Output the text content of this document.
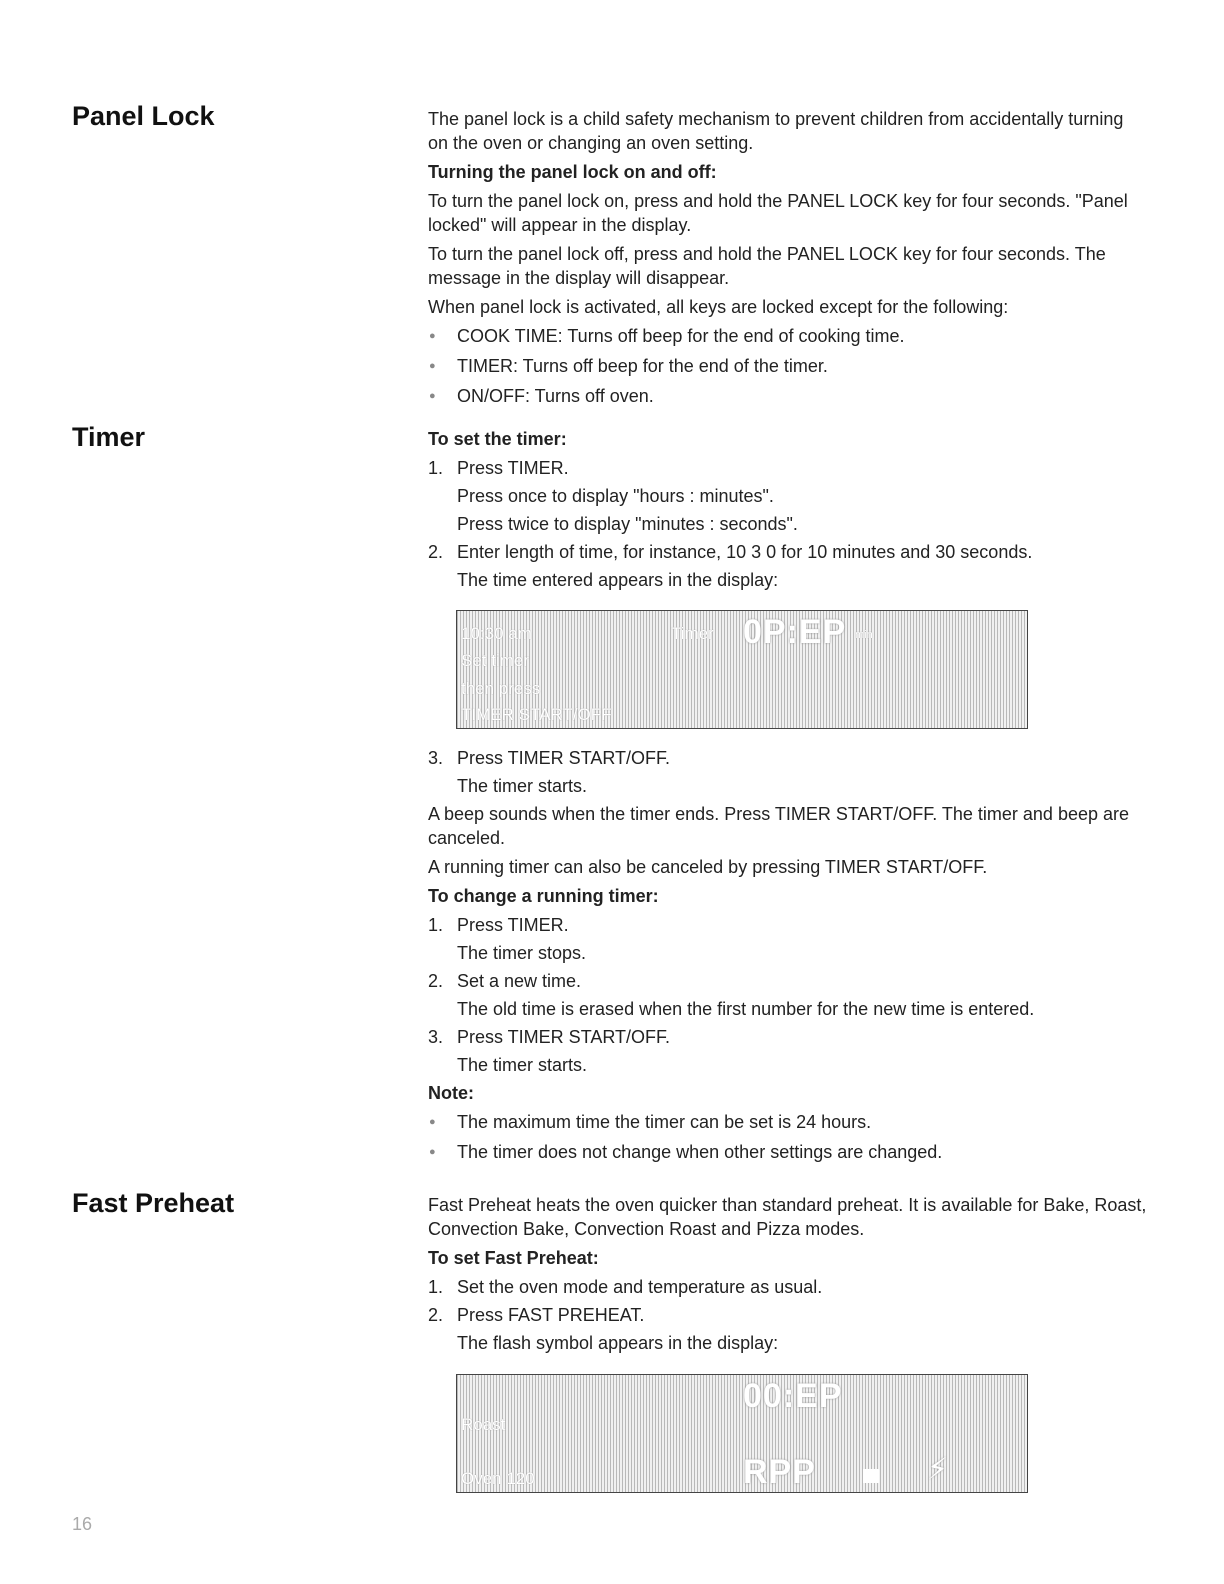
Panel Lock
Timer
Fast Preheat

The panel lock is a child safety mechanism to prevent children from accidentally turning on the oven or changing an oven setting.

Turning the panel lock on and off:

To turn the panel lock on, press and hold the PANEL LOCK key for four seconds. "Panel locked" will appear in the display.

To turn the panel lock off, press and hold the PANEL LOCK key for four seconds. The message in the display will disappear.

When panel lock is activated, all keys are locked except for the following:

● COOK TIME: Turns off beep for the end of cooking time.

● TIMER: Turns off beep for the end of the timer.

● ON/OFF: Turns off oven.

To set the timer:

1. Press TIMER.

Press once to display "hours : minutes".

Press twice to display "minutes : seconds".

2. Enter length of time, for instance, 10 3 0 for 10 minutes and 30 seconds.

The time entered appears in the display:

3. Press TIMER START/OFF.

The timer starts.

A beep sounds when the timer ends. Press TIMER START/OFF. The timer and beep are canceled.

A running timer can also be canceled by pressing TIMER START/OFF.

To change a running timer:

1. Press TIMER.

The timer stops.

2. Set a new time.

The old time is erased when the first number for the new time is entered.

3. Press TIMER START/OFF.

The timer starts.

Note:

● The maximum time the timer can be set is 24 hours.

● The timer does not change when other settings are changed.

10:30 am	Timer 0P:EP min
Set timer
then press
TIMER START/OFF

Fast Preheat heats the oven quicker than standard preheat. It is available for Bake, Roast, Convection Bake, Convection Roast and Pizza modes.

To set Fast Preheat:

1. Set the oven mode and temperature as usual.

2. Press FAST PREHEAT.

The flash symbol appears in the display:

00:EP
Roast
Oven 120	RPP	⚡
16
